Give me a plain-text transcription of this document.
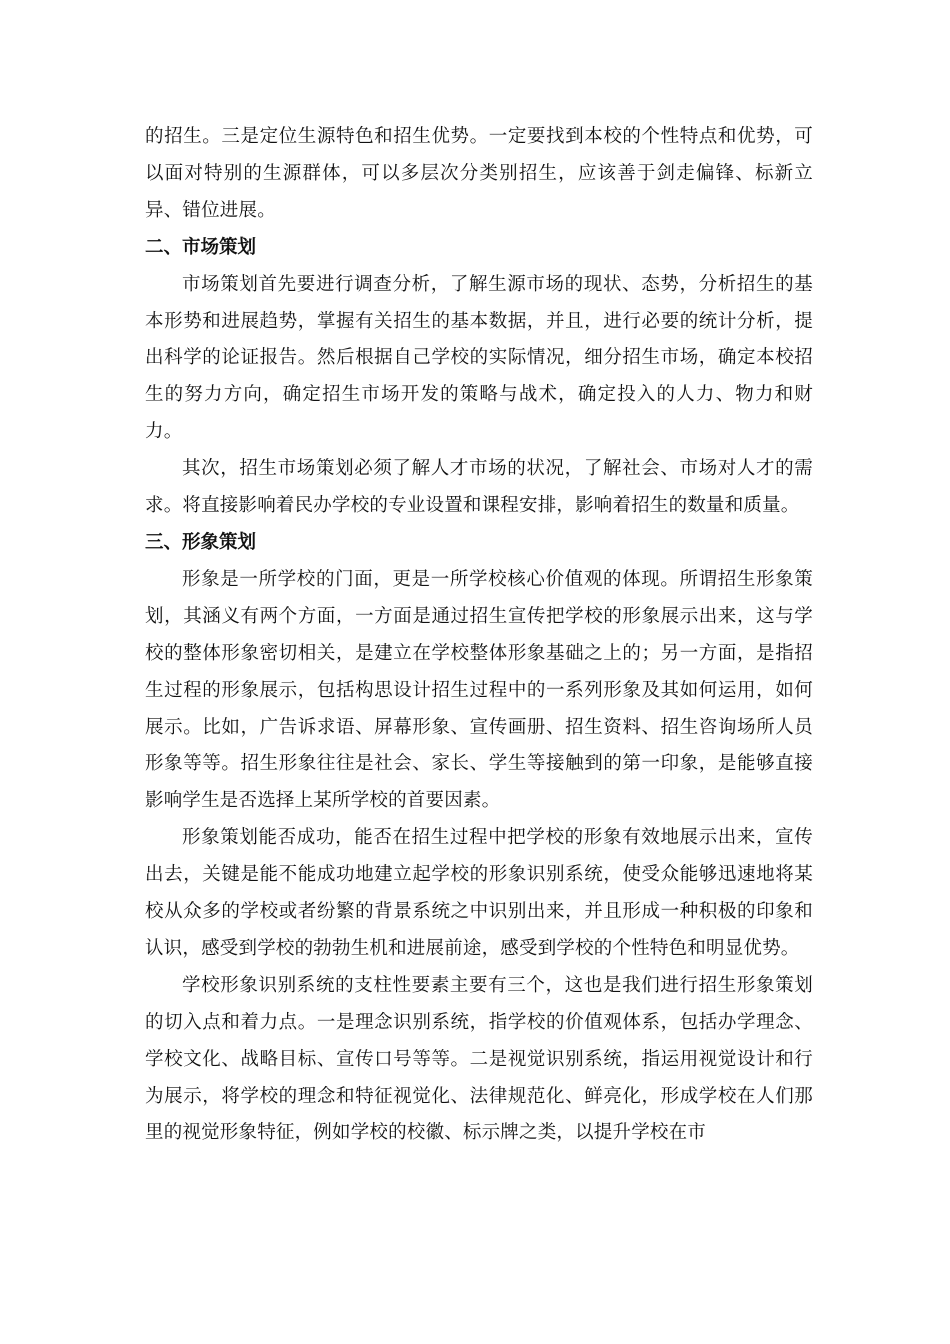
的招生。三是定位生源特色和招生优势。一定要找到本校的个性特点和优势，可以面对特别的生源群体，可以多层次分类别招生，应该善于剑走偏锋、标新立异、错位进展。

二、市场策划

市场策划首先要进行调查分析，了解生源市场的现状、态势，分析招生的基本形势和进展趋势，掌握有关招生的基本数据，并且，进行必要的统计分析，提出科学的论证报告。然后根据自己学校的实际情况，细分招生市场，确定本校招生的努力方向，确定招生市场开发的策略与战术，确定投入的人力、物力和财力。

其次，招生市场策划必须了解人才市场的状况，了解社会、市场对人才的需求。将直接影响着民办学校的专业设置和课程安排，影响着招生的数量和质量。

三、形象策划

形象是一所学校的门面，更是一所学校核心价值观的体现。所谓招生形象策划，其涵义有两个方面，一方面是通过招生宣传把学校的形象展示出来，这与学校的整体形象密切相关，是建立在学校整体形象基础之上的；另一方面，是指招生过程的形象展示，包括构思设计招生过程中的一系列形象及其如何运用，如何展示。比如，广告诉求语、屏幕形象、宣传画册、招生资料、招生咨询场所人员形象等等。招生形象往往是社会、家长、学生等接触到的第一印象，是能够直接影响学生是否选择上某所学校的首要因素。

形象策划能否成功，能否在招生过程中把学校的形象有效地展示出来，宣传出去，关键是能不能成功地建立起学校的形象识别系统，使受众能够迅速地将某校从众多的学校或者纷繁的背景系统之中识别出来，并且形成一种积极的印象和认识，感受到学校的勃勃生机和进展前途，感受到学校的个性特色和明显优势。

学校形象识别系统的支柱性要素主要有三个，这也是我们进行招生形象策划的切入点和着力点。一是理念识别系统，指学校的价值观体系，包括办学理念、学校文化、战略目标、宣传口号等等。二是视觉识别系统，指运用视觉设计和行为展示，将学校的理念和特征视觉化、法律规范化、鲜亮化，形成学校在人们那里的视觉形象特征，例如学校的校徽、标示牌之类，以提升学校在市
